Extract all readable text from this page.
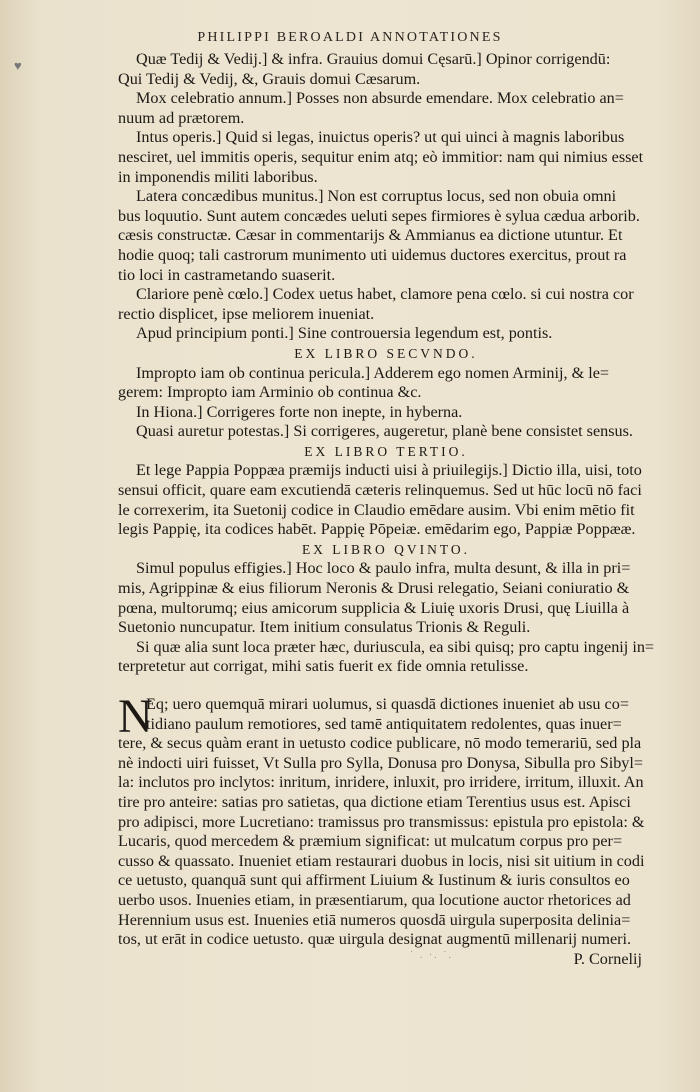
PHILIPPI BEROALDI ANNOTATIONES
♥	Quæ Tedij & Vedij.] & infra. Grauius domui Cęsarū.] Opinor corrigendū:
Qui Tedij & Vedij, &, Grauis domui Cæsarum.
Mox celebratio annum.] Posses non absurde emendare. Mox celebratio an=
nuum ad prætorem.
Intus operis.] Quid si legas, inuictus operis? ut qui uinci à magnis laboribus
nesciret, uel immitis operis, sequitur enim atq; eò immitior: nam qui nimius esset
in imponendis militi laboribus.
Latera concædibus munitus.] Non est corruptus locus, sed non obuia omni
bus loquutio. Sunt autem concædes ueluti sepes firmiores è sylua cædua arborib.
cæsis constructæ. Cæsar in commentarijs & Ammianus ea dictione utuntur. Et
hodie quoq; tali castrorum munimento uti uidemus ductores exercitus, prout ra
tio loci in castrametando suaserit.
Clariore penè cœlo.] Codex uetus habet, clamore pena cœlo. si cui nostra cor
rectio displicet, ipse meliorem inueniat.
Apud principium ponti.] Sine controuersia legendum est, pontis.
EX LIBRO SECVNDO.
Impropto iam ob continua pericula.] Adderem ego nomen Arminij, & le=
gerem: Impropto iam Arminio ob continua &c.
In Hiona.] Corrigeres forte non inepte, in hyberna.
Quasi auretur potestas.] Si corrigeres, augeretur, planè bene consistet sensus.
EX LIBRO TERTIO.
Et lege Pappia Poppæa præmijs inducti uisi à priuilegijs.] Dictio illa, uisi, toto
sensui officit, quare eam excutiendā cæteris relinquemus. Sed ut hūc locū nō faci
le correxerim, ita Suetonij codice in Claudio emēdare ausim. Vbi enim mētio fit
legis Pappię, ita codices habēt. Pappię Pōpeiæ. emēdarim ego, Pappiæ Poppææ.
EX LIBRO QVINTO.
Simul populus effigies.] Hoc loco & paulo infra, multa desunt, & illa in pri=
mis, Agrippinæ & eius filiorum Neronis & Drusi relegatio, Seiani coniuratio &
pœna, multorumq; eius amicorum supplicia & Liuię uxoris Drusi, quę Liuilla à
Suetonio nuncupatur. Item initium consulatus Trionis & Reguli.
Si quæ alia sunt loca præter hæc, duriuscula, ea sibi quisq; pro captu ingenij in=
terpretetur aut corrigat, mihi satis fuerit ex fide omnia retulisse.
N
Eq; uero quemquā mirari uolumus, si quasdā dictiones inueniet ab usu co=
tidiano paulum remotiores, sed tamē antiquitatem redolentes, quas inuer=
tere, & secus quàm erant in uetusto codice publicare, nō modo temerariū, sed pla
nè indocti uiri fuisset, Vt Sulla pro Sylla, Donusa pro Donysa, Sibulla pro Sibyl=
la: inclutos pro inclytos: inritum, inridere, inluxit, pro irridere, irritum, illuxit. An
tire pro anteire: satias pro satietas, qua dictione etiam Terentius usus est. Apisci
pro adipisci, more Lucretiano: tramissus pro transmissus: epistula pro epistola: &
Lucaris, quod mercedem & præmium significat: ut mulcatum corpus pro per=
cusso & quassato. Inueniet etiam restaurari duobus in locis, nisi sit uitium in codi
ce uetusto, quanquā sunt qui affirment Liuium & Iustinum & iuris consultos eo
uerbo usos. Inuenies etiam, in præsentiarum, qua locutione auctor rhetorices ad
Herennium usus est. Inuenies etiā numeros quosdā uirgula superposita delinia=
tos, ut erāt in codice uetusto. quæ uirgula designat augmentū millenarij numeri.
P. Cornelij
˙ . ·. ˙.
